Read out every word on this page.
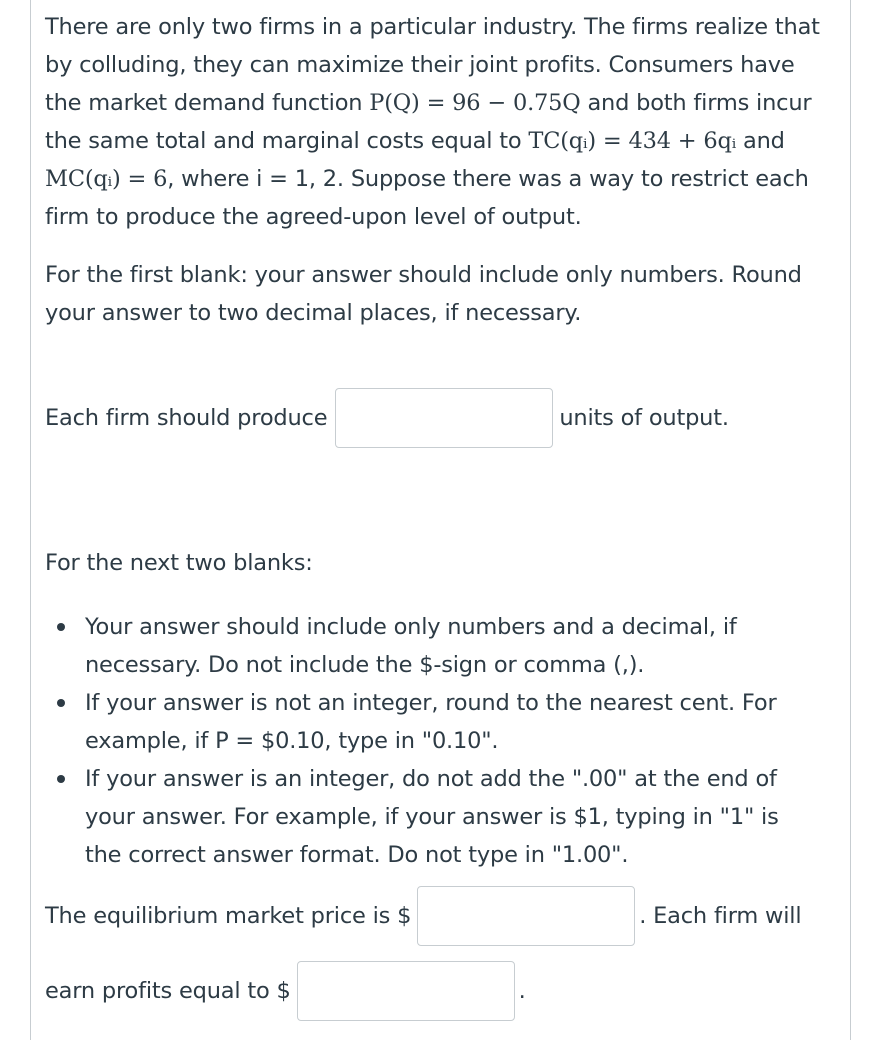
There are only two firms in a particular industry. The firms realize that by colluding, they can maximize their joint profits. Consumers have the market demand function P(Q) = 96 − 0.75Q and both firms incur the same total and marginal costs equal to TC(qᵢ) = 434 + 6qᵢ and MC(qᵢ) = 6, where i = 1, 2. Suppose there was a way to restrict each firm to produce the agreed-upon level of output.

For the first blank: your answer should include only numbers. Round your answer to two decimal places, if necessary.

Each firm should produce	units of output.

For the next two blanks:

Your answer should include only numbers and a decimal, if necessary. Do not include the $-sign or comma (,).
If your answer is not an integer, round to the nearest cent. For example, if P = $0.10, type in "0.10".
If your answer is an integer, do not add the ".00" at the end of your answer. For example, if your answer is $1, typing in "1" is the correct answer format. Do not type in "1.00".
The equilibrium market price is $	. Each firm will
earn profits equal to $	.
